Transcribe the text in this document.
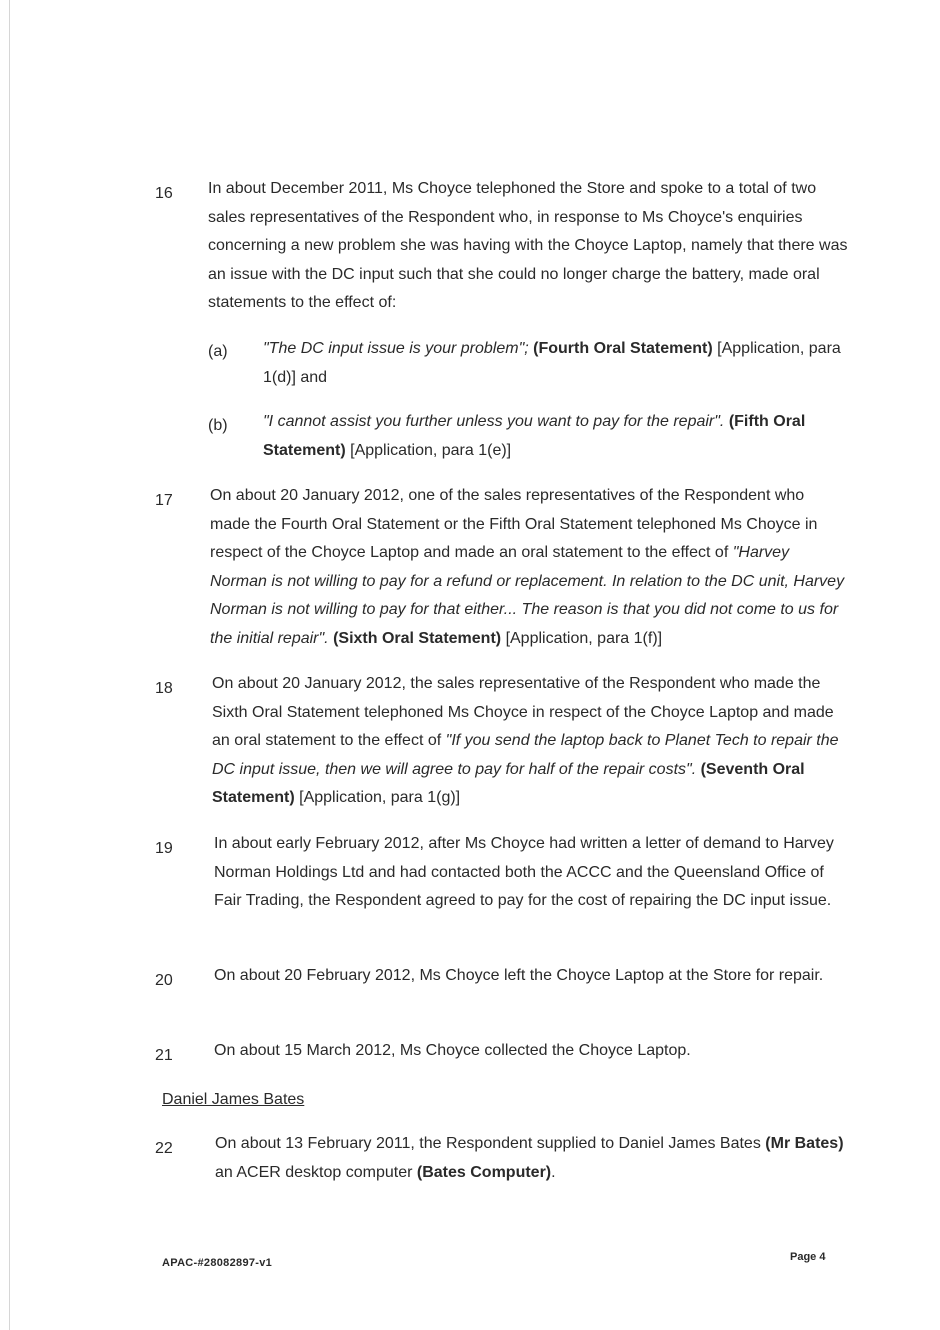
16 In about December 2011, Ms Choyce telephoned the Store and spoke to a total of two sales representatives of the Respondent who, in response to Ms Choyce's enquiries concerning a new problem she was having with the Choyce Laptop, namely that there was an issue with the DC input such that she could no longer charge the battery, made oral statements to the effect of:
(a) "The DC input issue is your problem"; (Fourth Oral Statement) [Application, para 1(d)] and
(b) "I cannot assist you further unless you want to pay for the repair". (Fifth Oral Statement) [Application, para 1(e)]
17 On about 20 January 2012, one of the sales representatives of the Respondent who made the Fourth Oral Statement or the Fifth Oral Statement telephoned Ms Choyce in respect of the Choyce Laptop and made an oral statement to the effect of "Harvey Norman is not willing to pay for a refund or replacement. In relation to the DC unit, Harvey Norman is not willing to pay for that either... The reason is that you did not come to us for the initial repair". (Sixth Oral Statement) [Application, para 1(f)]
18 On about 20 January 2012, the sales representative of the Respondent who made the Sixth Oral Statement telephoned Ms Choyce in respect of the Choyce Laptop and made an oral statement to the effect of "If you send the laptop back to Planet Tech to repair the DC input issue, then we will agree to pay for half of the repair costs". (Seventh Oral Statement) [Application, para 1(g)]
19	In about early February 2012, after Ms Choyce had written a letter of demand to Harvey Norman Holdings Ltd and had contacted both the ACCC and the Queensland Office of Fair Trading, the Respondent agreed to pay for the cost of repairing the DC input issue.
20	On about 20 February 2012, Ms Choyce left the Choyce Laptop at the Store for repair.
21	On about 15 March 2012, Ms Choyce collected the Choyce Laptop.
Daniel James Bates
22	On about 13 February 2011, the Respondent supplied to Daniel James Bates (Mr Bates) an ACER desktop computer (Bates Computer).
APAC-#28082897-v1	Page 4
